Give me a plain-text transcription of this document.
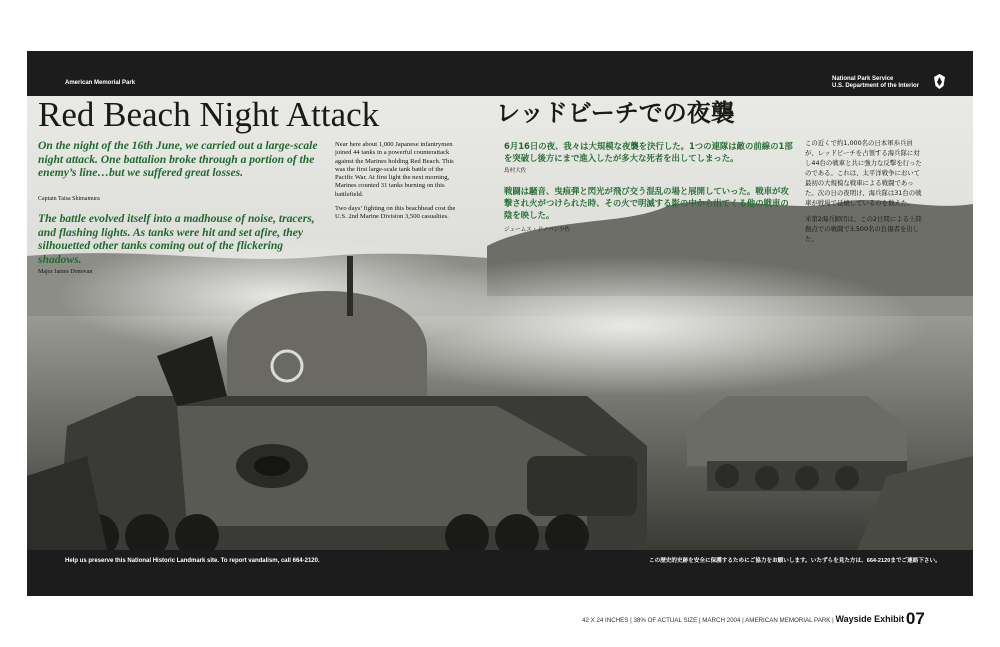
American Memorial Park
National Park Service
U.S. Department of the Interior
Help us preserve this National Historic Landmark site. To report vandalism, call 664-2120.	この歴史的史跡を安全に保護するためにご協力をお願いします。いたずらを見た方は、664-2120までご連絡下さい。
Red Beach Night Attack	レッドビーチでの夜襲

On the night of the 16th June, we carried out a large-scale night attack. One battalion broke through a portion of the enemy’s line…but we suffered great losses.

Captain Taisa Shimamura

The battle evolved itself into a madhouse of noise, tracers, and flashing lights. As tanks were hit and set afire, they silhouetted other tanks coming out of the flickering shadows.

Major James Donovan

Near here about 1,000 Japanese infantrymen joined 44 tanks in a powerful counterattack against the Marines holding Red Beach. This was the first large-scale tank battle of the Pacific War. At first light the next morning, Marines counted 31 tanks burning on this battlefield.

Two days’ fighting on this beachhead cost the U.S. 2nd Marine Division 3,500 casualties.

6月16日の夜、我々は大規模な夜襲を決行した。1つの連隊は敵の前線の1部を突破し後方にまで進入したが多大な死者を出してしまった。

島村大佐

戦闘は騒音、曳痕弾と閃光が飛び交う混乱の場と展開していった。戦車が攻撃され火がつけられた時、その火で明滅する影の中から出てくる他の戦車の陰を映した。

ジェームス・ドノバン少佐

この近くで約1,000名の日本軍歩兵員が、レッドビーチを占領する海兵隊に対し44台の戦車と共に強力な反撃を行ったのである。これは、太平洋戦争において最初の大規模な戦車による戦闘であった。次の日の夜明け、海兵隊は31台の戦車が戦場で延焼しているのを数えた。

米第2海兵師団は、この2日間による上陸拠点での戦闘で3,500名の負傷者を出した。

42 X 24 INCHES | 38% OF ACTUAL SIZE | MARCH 2004 | AMERICAN MEMORIAL PARK | Wayside Exhibit 07
